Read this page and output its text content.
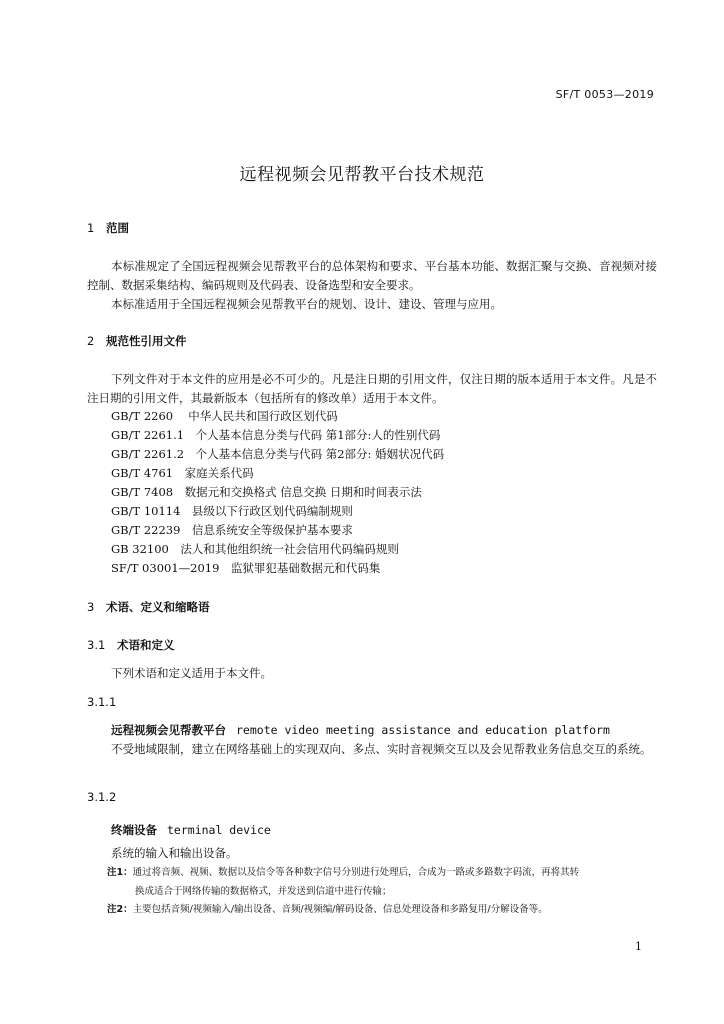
SF/T 0053—2019
远程视频会见帮教平台技术规范
1 范围

本标准规定了全国远程视频会见帮教平台的总体架构和要求、平台基本功能、数据汇聚与交换、音视频对接控制、数据采集结构、编码规则及代码表、设备选型和安全要求。

本标准适用于全国远程视频会见帮教平台的规划、设计、建设、管理与应用。

2 规范性引用文件

下列文件对于本文件的应用是必不可少的。凡是注日期的引用文件，仅注日期的版本适用于本文件。凡是不注日期的引用文件，其最新版本（包括所有的修改单）适用于本文件。

GB/T 2260　 中华人民共和国行政区划代码
GB/T 2261.1　个人基本信息分类与代码 第1部分:人的性别代码
GB/T 2261.2　个人基本信息分类与代码 第2部分: 婚姻状况代码
GB/T 4761　家庭关系代码
GB/T 7408　数据元和交换格式 信息交换 日期和时间表示法
GB/T 10114　县级以下行政区划代码编制规则
GB/T 22239　信息系统安全等级保护基本要求
GB 32100　法人和其他组织统一社会信用代码编码规则
SF/T 03001—2019　监狱罪犯基础数据元和代码集
3 术语、定义和缩略语
3.1 术语和定义

下列术语和定义适用于本文件。

3.1.1
远程视频会见帮教平台 remote video meeting assistance and education platform

不受地域限制，建立在网络基础上的实现双向、多点、实时音视频交互以及会见帮教业务信息交互的系统。

3.1.2
终端设备 terminal device

系统的输入和输出设备。

注1：通过将音频、视频、数据以及信令等各种数字信号分别进行处理后，合成为一路或多路数字码流，再将其转
换成适合于网络传输的数据格式，并发送到信道中进行传输；
注2：主要包括音频/视频输入/输出设备、音频/视频编/解码设备、信息处理设备和多路复用/分解设备等。
1
